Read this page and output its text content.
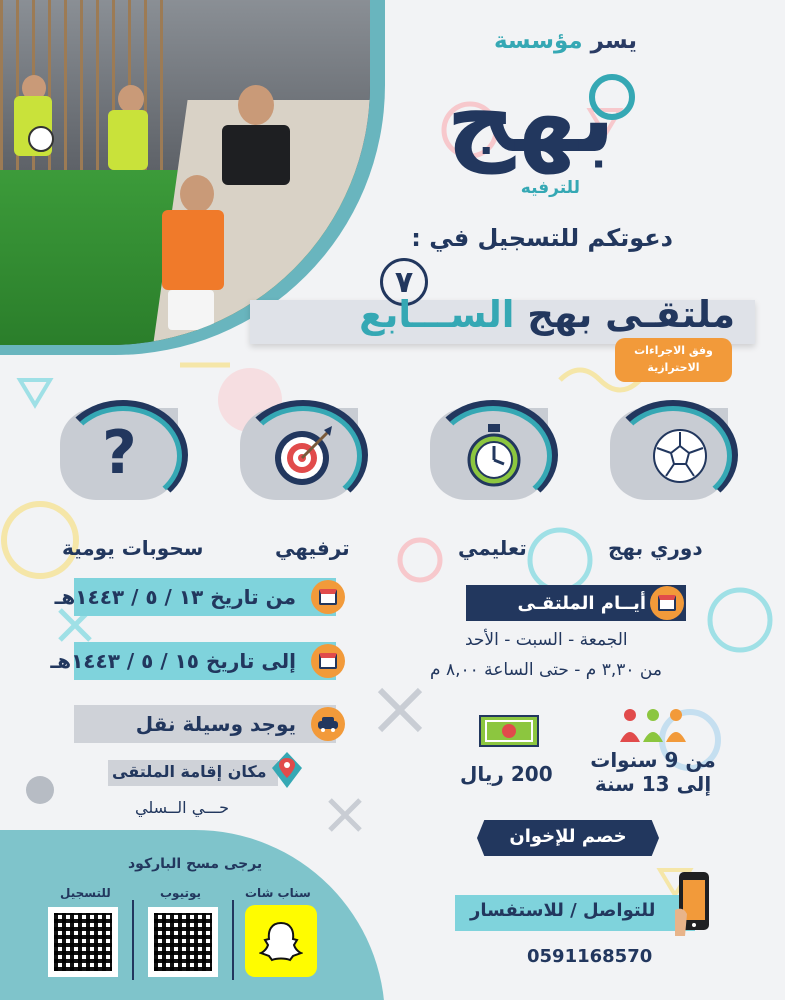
يسر مؤسسة
بهج
للترفيه
دعوتكم للتسجيل في :
٧
ملتقـى بهج الســـابع
وفق الاجراءات الاحترازية
دوري بهج
تعليمي
ترفيهي
?
سحوبات يومية
من تاريخ ١٣ / ٥ / ١٤٤٣هـ
إلى تاريخ ١٥ / ٥ / ١٤٤٣هـ
يوجد وسيلة نقل
مكان إقامة الملتقى
حـــي الــسلي
أيــام الملتقـى
الجمعة - السبت - الأحد
من ٣,٣٠ م - حتى الساعة ٨,٠٠ م
من 9 سنوات
إلى 13 سنة
200 ريال
خصم للإخوان
للتواصل / للاستفسار
0591168570
يرجى مسح الباركود
سناب شات
يوتيوب
للتسجيل
